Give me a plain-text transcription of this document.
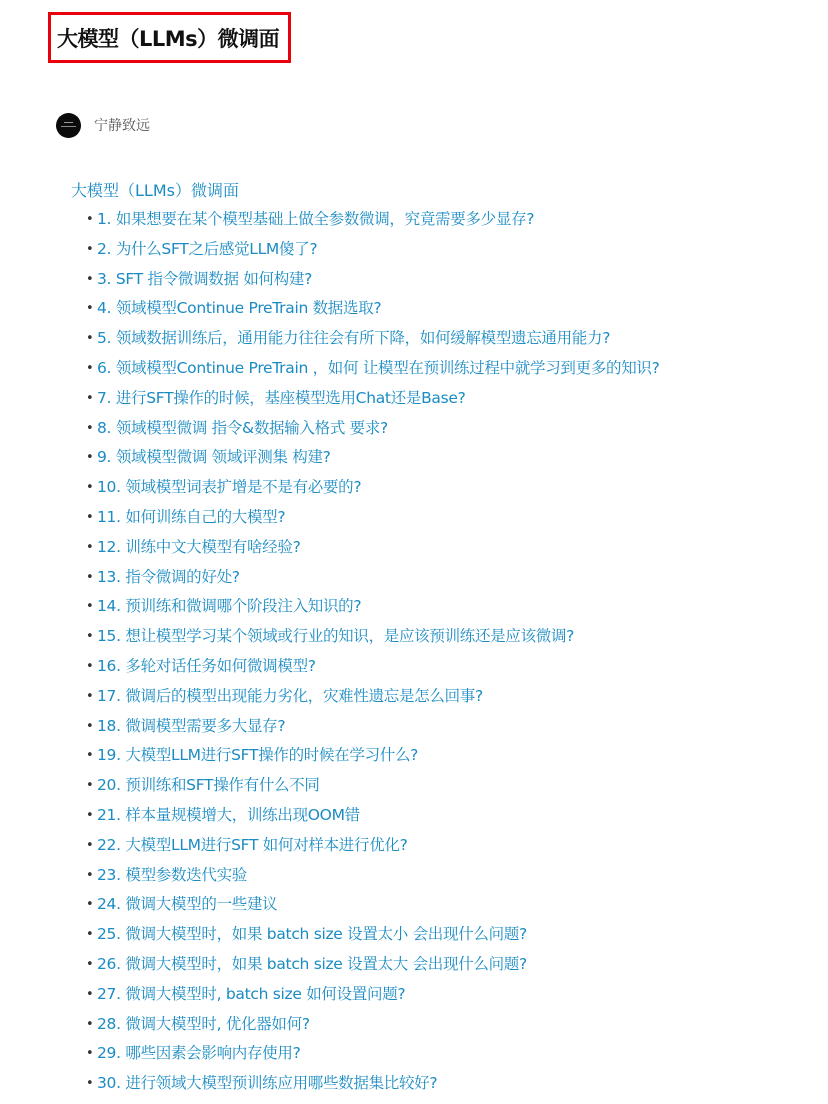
大模型（LLMs）微调面
宁静致远
大模型（LLMs）微调面
• 1. 如果想要在某个模型基础上做全参数微调，究竟需要多少显存?
• 2. 为什么SFT之后感觉LLM傻了?
• 3. SFT 指令微调数据 如何构建?
• 4. 领域模型Continue PreTrain 数据选取?
• 5. 领域数据训练后，通用能力往往会有所下降，如何缓解模型遗忘通用能力?
• 6. 领域模型Continue PreTrain ，如何 让模型在预训练过程中就学习到更多的知识?
• 7. 进行SFT操作的时候，基座模型选用Chat还是Base?
• 8. 领域模型微调 指令&数据输入格式 要求?
• 9. 领域模型微调 领域评测集 构建?
• 10. 领域模型词表扩增是不是有必要的?
• 11. 如何训练自己的大模型?
• 12. 训练中文大模型有啥经验?
• 13. 指令微调的好处?
• 14. 预训练和微调哪个阶段注入知识的?
• 15. 想让模型学习某个领域或行业的知识，是应该预训练还是应该微调?
• 16. 多轮对话任务如何微调模型?
• 17. 微调后的模型出现能力劣化，灾难性遗忘是怎么回事?
• 18. 微调模型需要多大显存?
• 19. 大模型LLM进行SFT操作的时候在学习什么?
• 20. 预训练和SFT操作有什么不同
• 21. 样本量规模增大，训练出现OOM错
• 22. 大模型LLM进行SFT 如何对样本进行优化?
• 23. 模型参数迭代实验
• 24. 微调大模型的一些建议
• 25. 微调大模型时，如果 batch size 设置太小 会出现什么问题?
• 26. 微调大模型时，如果 batch size 设置太大 会出现什么问题?
• 27. 微调大模型时, batch size 如何设置问题?
• 28. 微调大模型时, 优化器如何?
• 29. 哪些因素会影响内存使用?
• 30. 进行领域大模型预训练应用哪些数据集比较好?
